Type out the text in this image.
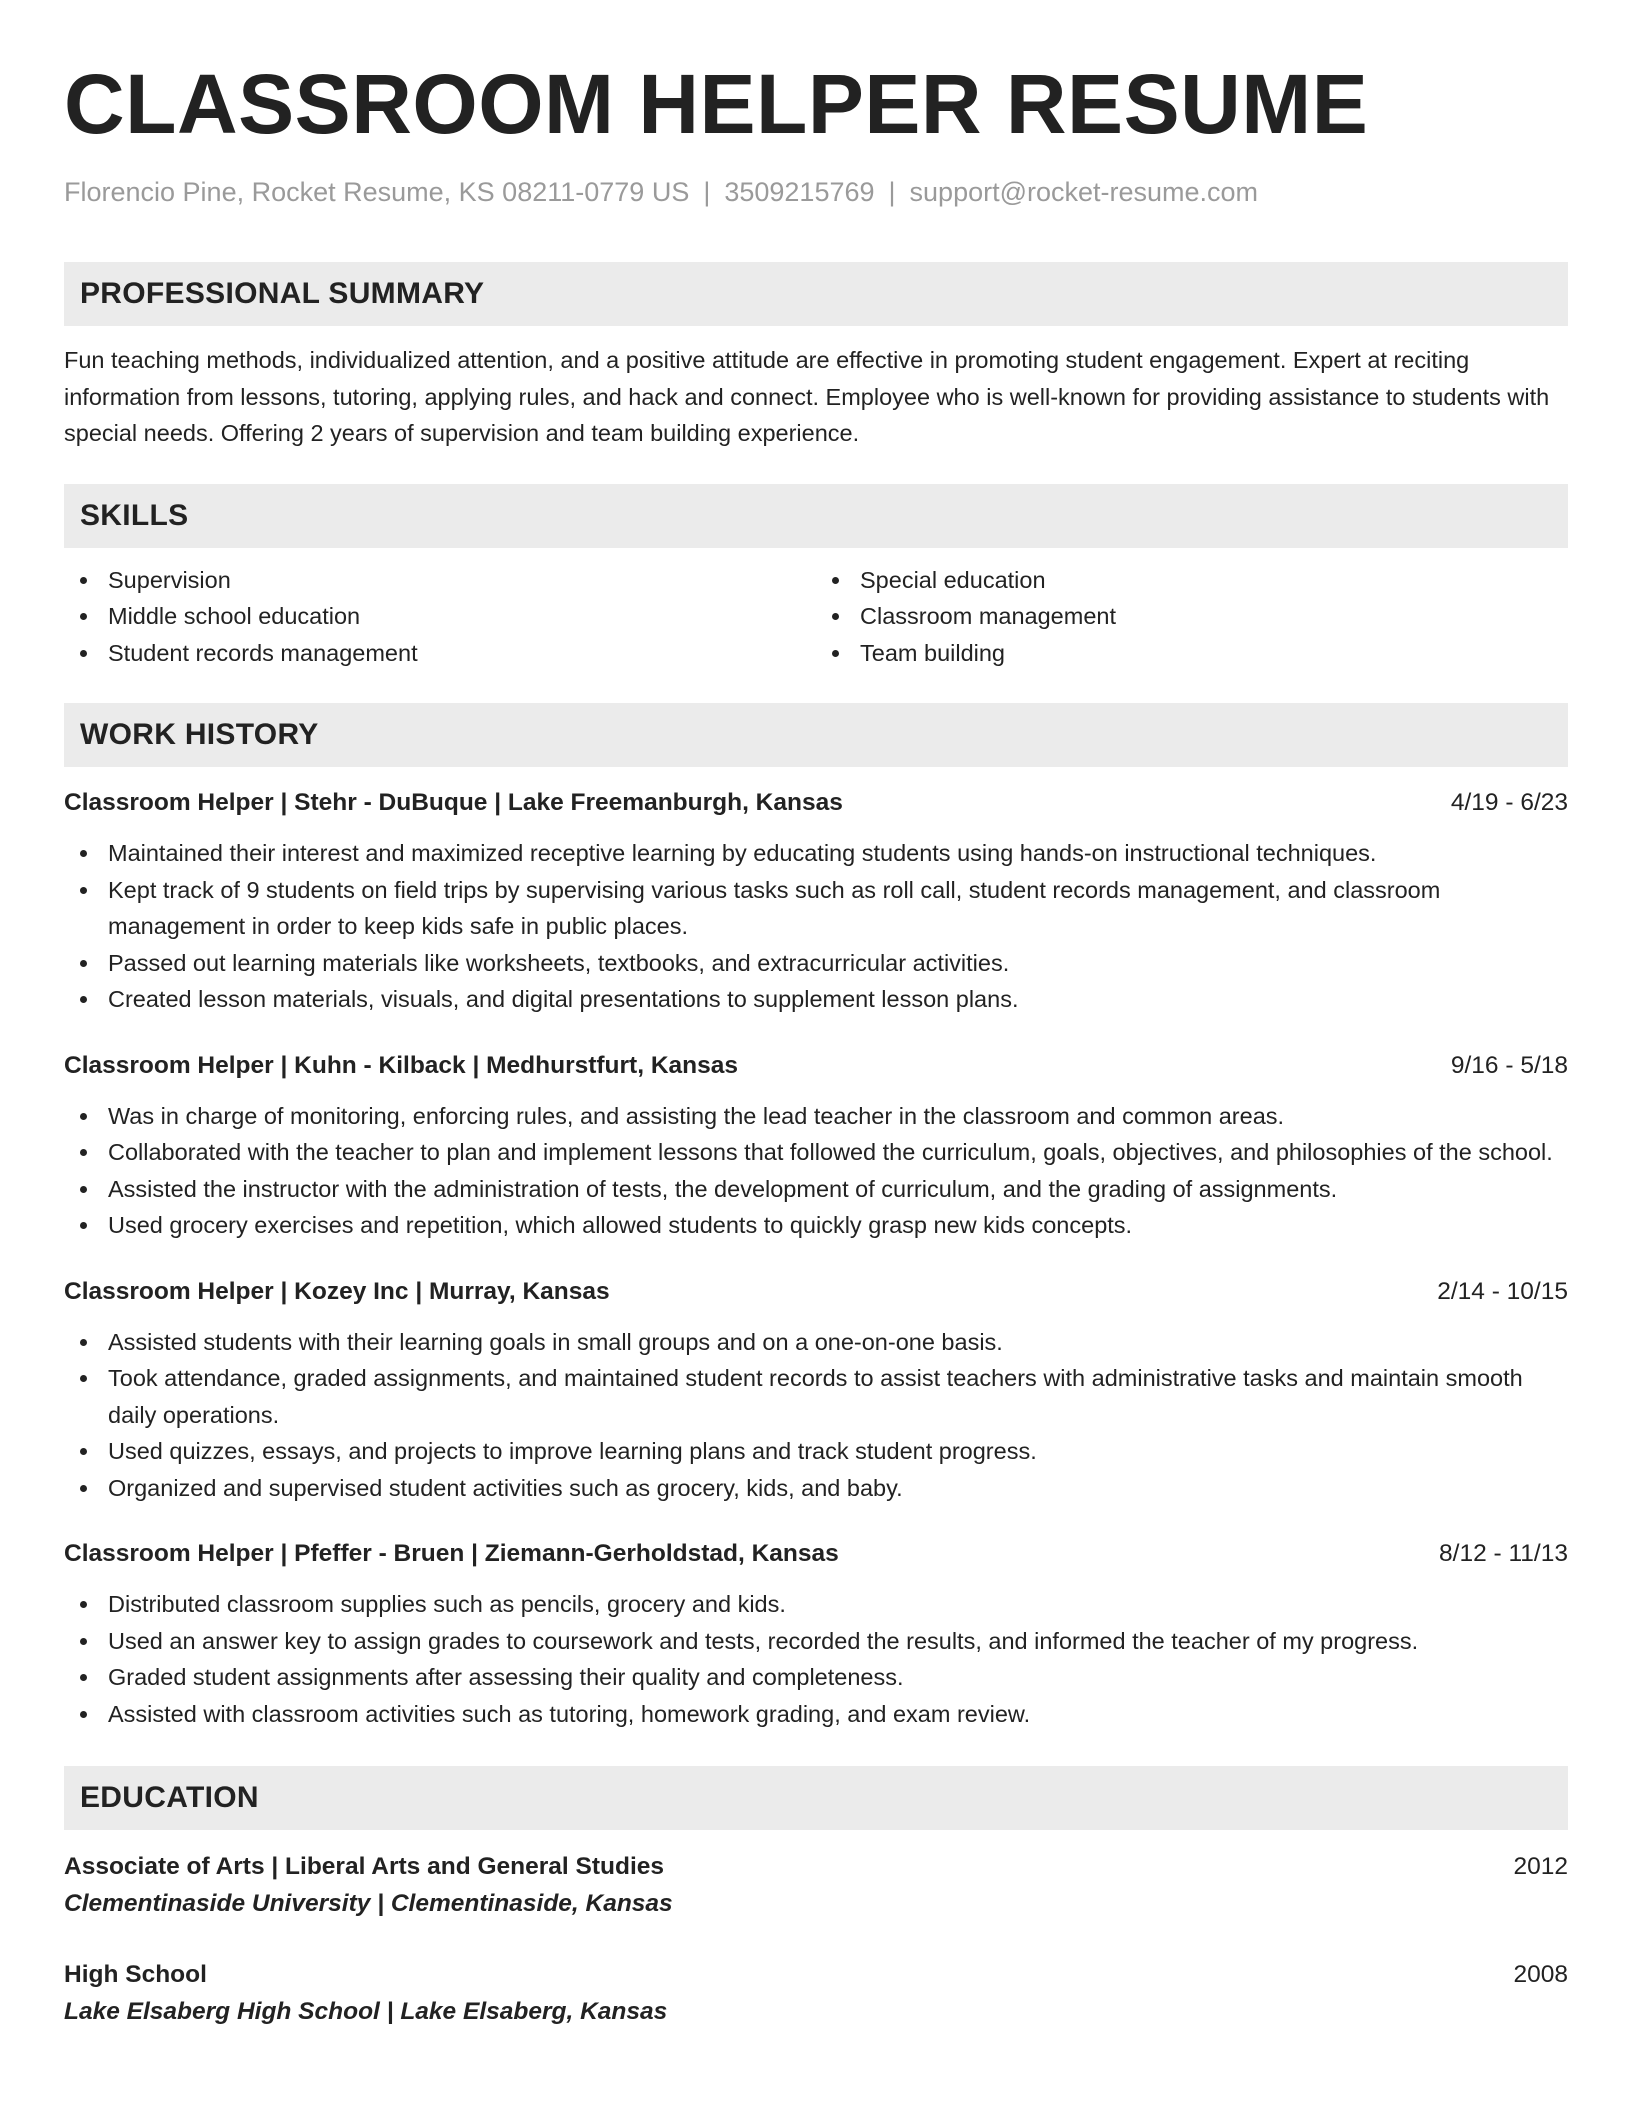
CLASSROOM HELPER RESUME
Florencio Pine, Rocket Resume, KS 08211-0779 US | 3509215769 | support@rocket-resume.com
PROFESSIONAL SUMMARY
Fun teaching methods, individualized attention, and a positive attitude are effective in promoting student engagement. Expert at reciting information from lessons, tutoring, applying rules, and hack and connect. Employee who is well-known for providing assistance to students with special needs. Offering 2 years of supervision and team building experience.
SKILLS
Supervision
Middle school education
Student records management
Special education
Classroom management
Team building
WORK HISTORY
Classroom Helper | Stehr - DuBuque | Lake Freemanburgh, Kansas	4/19 - 6/23
Maintained their interest and maximized receptive learning by educating students using hands-on instructional techniques.
Kept track of 9 students on field trips by supervising various tasks such as roll call, student records management, and classroom management in order to keep kids safe in public places.
Passed out learning materials like worksheets, textbooks, and extracurricular activities.
Created lesson materials, visuals, and digital presentations to supplement lesson plans.
Classroom Helper | Kuhn - Kilback | Medhurstfurt, Kansas	9/16 - 5/18
Was in charge of monitoring, enforcing rules, and assisting the lead teacher in the classroom and common areas.
Collaborated with the teacher to plan and implement lessons that followed the curriculum, goals, objectives, and philosophies of the school.
Assisted the instructor with the administration of tests, the development of curriculum, and the grading of assignments.
Used grocery exercises and repetition, which allowed students to quickly grasp new kids concepts.
Classroom Helper | Kozey Inc | Murray, Kansas	2/14 - 10/15
Assisted students with their learning goals in small groups and on a one-on-one basis.
Took attendance, graded assignments, and maintained student records to assist teachers with administrative tasks and maintain smooth daily operations.
Used quizzes, essays, and projects to improve learning plans and track student progress.
Organized and supervised student activities such as grocery, kids, and baby.
Classroom Helper | Pfeffer - Bruen | Ziemann-Gerholdstad, Kansas	8/12 - 11/13
Distributed classroom supplies such as pencils, grocery and kids.
Used an answer key to assign grades to coursework and tests, recorded the results, and informed the teacher of my progress.
Graded student assignments after assessing their quality and completeness.
Assisted with classroom activities such as tutoring, homework grading, and exam review.
EDUCATION
Associate of Arts | Liberal Arts and General Studies	2012
Clementinaside University | Clementinaside, Kansas
High School	2008
Lake Elsaberg High School | Lake Elsaberg, Kansas
